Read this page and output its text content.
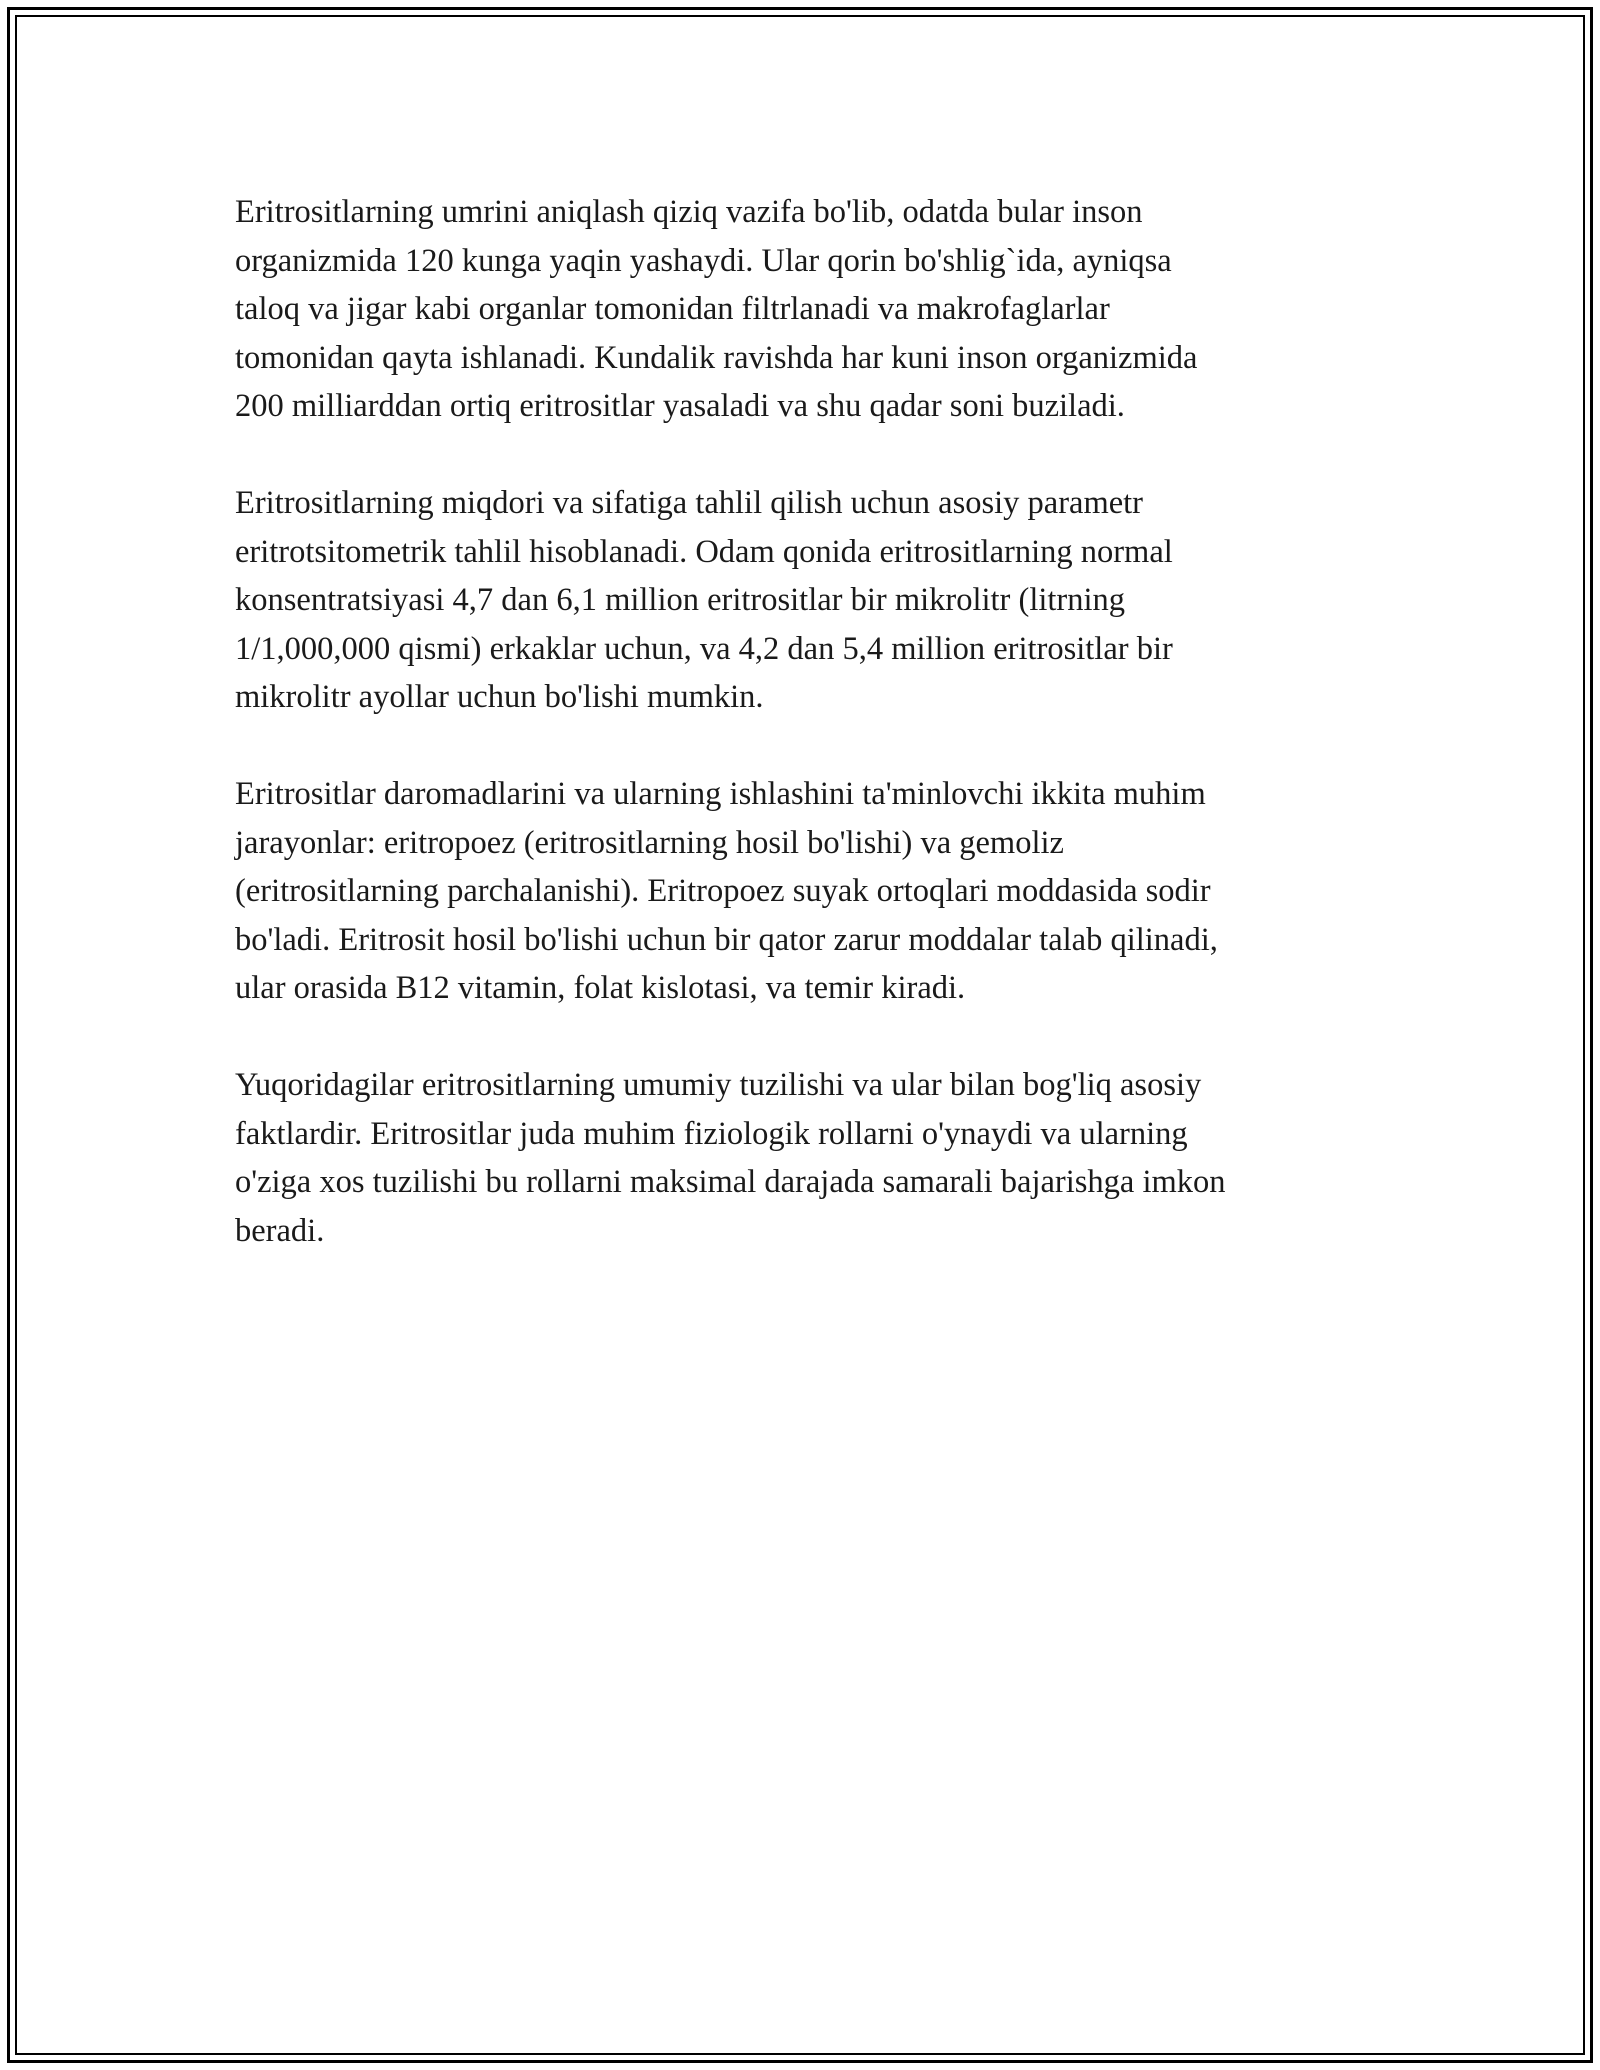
Eritrositlarning umrini aniqlash qiziq vazifa bo'lib, odatda bular inson
organizmida 120 kunga yaqin yashaydi. Ular qorin bo'shlig`ida, ayniqsa
taloq va jigar kabi organlar tomonidan filtrlanadi va makrofaglarlar
tomonidan qayta ishlanadi. Kundalik ravishda har kuni inson organizmida
200 milliarddan ortiq eritrositlar yasaladi va shu qadar soni buziladi.

Eritrositlarning miqdori va sifatiga tahlil qilish uchun asosiy parametr
eritrotsitometrik tahlil hisoblanadi. Odam qonida eritrositlarning normal
konsentratsiyasi 4,7 dan 6,1 million eritrositlar bir mikrolitr (litrning
1/1,000,000 qismi) erkaklar uchun, va 4,2 dan 5,4 million eritrositlar bir
mikrolitr ayollar uchun bo'lishi mumkin.

Eritrositlar daromadlarini va ularning ishlashini ta'minlovchi ikkita muhim
jarayonlar: eritropoez (eritrositlarning hosil bo'lishi) va gemoliz
(eritrositlarning parchalanishi). Eritropoez suyak ortoqlari moddasida sodir
bo'ladi. Eritrosit hosil bo'lishi uchun bir qator zarur moddalar talab qilinadi,
ular orasida B12 vitamin, folat kislotasi, va temir kiradi.

Yuqoridagilar eritrositlarning umumiy tuzilishi va ular bilan bog'liq asosiy
faktlardir. Eritrositlar juda muhim fiziologik rollarni o'ynaydi va ularning
o'ziga xos tuzilishi bu rollarni maksimal darajada samarali bajarishga imkon
beradi.
